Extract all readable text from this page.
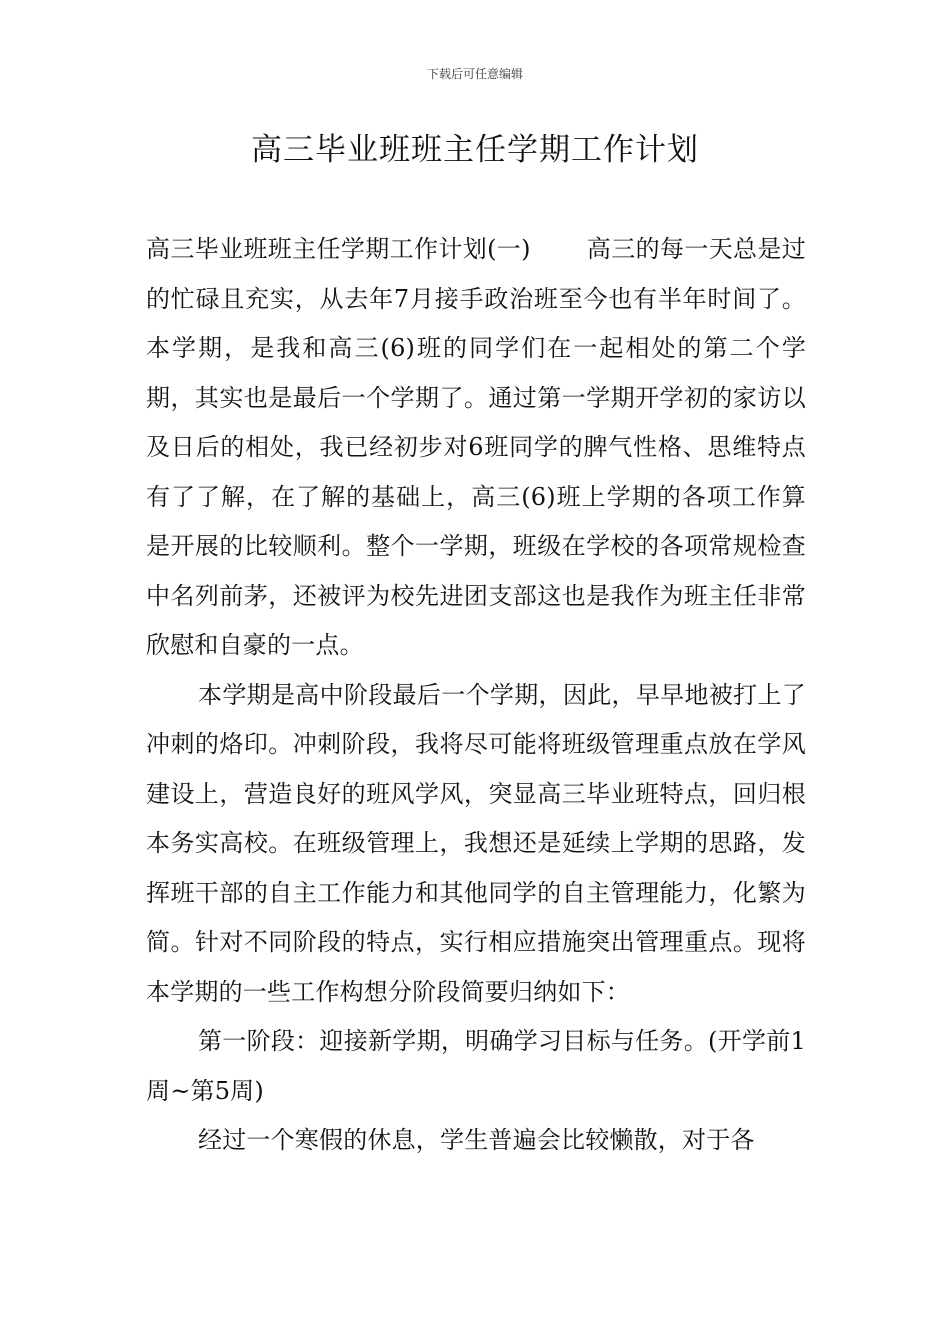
下载后可任意编辑
高三毕业班班主任学期工作计划

高三毕业班班主任学期工作计划(一) 高三的每一天总是过的忙碌且充实，从去年7月接手政治班至今也有半年时间了。本学期，是我和高三(6)班的同学们在一起相处的第二个学期，其实也是最后一个学期了。通过第一学期开学初的家访以及日后的相处，我已经初步对6班同学的脾气性格、思维特点有了了解，在了解的基础上，高三(6)班上学期的各项工作算是开展的比较顺利。整个一学期，班级在学校的各项常规检查中名列前茅，还被评为校先进团支部这也是我作为班主任非常欣慰和自豪的一点。

本学期是高中阶段最后一个学期，因此，早早地被打上了冲刺的烙印。冲刺阶段，我将尽可能将班级管理重点放在学风建设上，营造良好的班风学风，突显高三毕业班特点，回归根本务实高校。在班级管理上，我想还是延续上学期的思路，发挥班干部的自主工作能力和其他同学的自主管理能力，化繁为简。针对不同阶段的特点，实行相应措施突出管理重点。现将本学期的一些工作构想分阶段简要归纳如下：

第一阶段：迎接新学期，明确学习目标与任务。(开学前1周~第5周)

经过一个寒假的休息，学生普遍会比较懒散，对于各
